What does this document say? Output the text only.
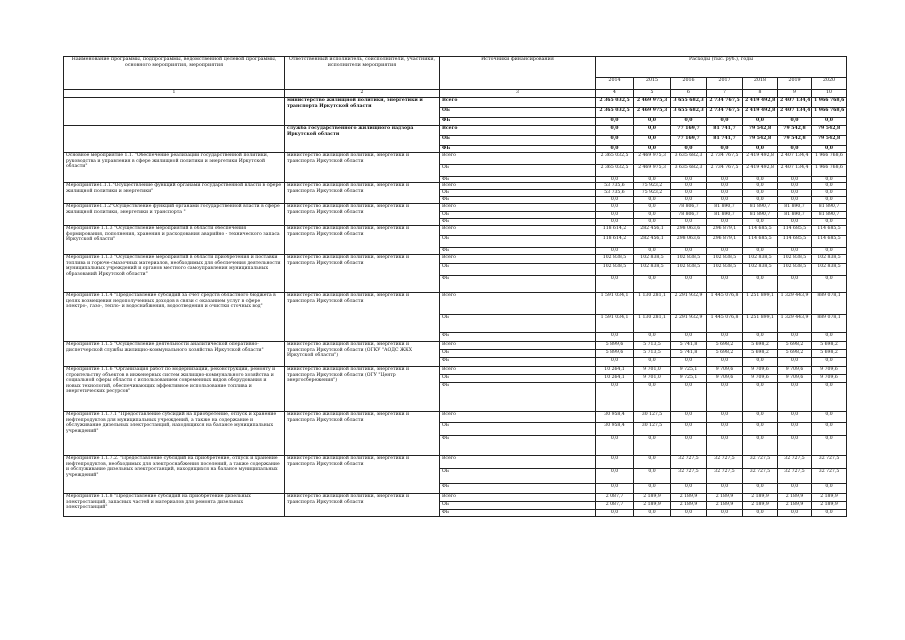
Наименование программы, подпрограммы, ведомственной целевой программы, основного мероприятия, мероприятия	Ответственный исполнитель, соисполнители, участники, исполнители мероприятия	Источники финансирования	Расходы (тыс. руб.), годы						
			2014	2015	2016	2017	2018	2019	2020
1	2	3	4	5	6	7	8	9	10
	министерство жилищной политики, энергетики и транспорта Иркутской области	Всего	2 365 032,5	2 469 975,3	3 655 682,3	2 734 767,5	2 419 492,8	2 407 134,4	1 966 768,6
		ОБ	2 365 032,5	2 469 975,3	3 655 682,3	2 734 767,5	2 419 492,8	2 407 134,4	1 966 768,6
		ФБ	0,0	0,0	0,0	0,0	0,0	0,0	0,0
	служба государственного жилищного надзора Иркутской области	Всего	0,0	0,0	77 169,7	81 741,7	79 542,8	79 542,8	79 542,8
		ОБ	0,0	0,0	77 169,7	81 741,7	79 542,8	79 542,8	79 542,8
		ФБ	0,0	0,0	0,0	0,0	0,0	0,0	0,0
Основное мероприятие 1.1. "Обеспечение реализации государственной политики, руководства и управления в сфере жилищной политики и энергетики Иркутской области"	министерство жилищной политики, энергетики и транспорта Иркутской области	Всего	2 365 032,5	2 469 975,3	3 635 682,3	2 734 767,5	2 419 492,8	2 407 134,4	1 966 768,6
		ОБ	2 365 032,5	2 469 975,3	3 635 682,3	2 734 767,5	2 419 492,8	2 407 134,4	1 966 768,6
		ФБ	0,0	0,0	0,0	0,0	0,0	0,0	0,0
Мероприятие1.1.1."Осуществление функций органами государственной власти в сфере жилищной политики и энергетики"	министерство жилищной политики, энергетики и транспорта Иркутской области	Всего	53 735,6	75 923,2	0,0	0,0	0,0	0,0	0,0
		ОБ	53 735,6	75 923,2	0,0	0,0	0,0	0,0	0,0
		ФБ	0,0	0,0	0,0	0,0	0,0	0,0	0,0
Мероприятие1.1.2"Осуществление функций органами государственной власти в сфере жилищной политики, энергетики и транспорта "	министерство жилищной политики, энергетики и транспорта Иркутской области	Всего	0,0	0,0	78 806,7	81 890,7	81 890,7	81 890,7	81 890,7
		ОБ	0,0	0,0	78 806,7	81 890,7	81 890,7	81 890,7	81 890,7
		ФБ	0,0	0,0	0,0	0,0	0,0	0,0	0,0
Мероприятие 1.1.3 "Осуществление мероприятий в области обеспечения формирования, пополнения, хранения и расходования аварийно - технического запаса Иркутской области"	министерство жилищной политики, энергетики и транспорта Иркутской области	Всего	118 614,2	282 456,1	298 063,6	296 879,1	114 685,5	114 685,5	114 685,5
		ОБ	118 614,2	282 456,1	298 063,6	296 879,1	114 685,5	114 685,5	114 685,5
		ФБ	0,0	0,0	0,0	0,0	0,0	0,0	0,0
Мероприятие 1.1.3 "Осуществление мероприятий в области приобретения и поставки топлива и горюче-смазочных материалов, необходимых для обеспечения деятельности муниципальных учреждений и органов местного самоуправления муниципальных образований Иркутской области"	министерство жилищной политики, энергетики и транспорта Иркутской области	Всего	102 838,5	102 838,5	102 838,5	102 838,5	102 838,5	102 838,5	102 838,5
		ОБ	102 838,5	102 838,5	102 838,5	102 838,5	102 838,5	102 838,5	102 838,5
		ФБ	0,0	0,0	0,0	0,0	0,0	0,0	0,0
Мероприятие 1.1.4 "Предоставление субсидий за счет средств областного бюджета в целях возмещения недополученных доходов в связи с оказанием услуг в сфере электро-, газо-, тепло- и водоснабжения, водоотведения и очистки сточных вод"	министерство жилищной политики, энергетики и транспорта Иркутской области	Всего	1 591 034,1	1 130 281,1	2 291 932,9	1 445 076,8	1 251 899,1	1 329 443,9	889 078,1
		ОБ	1 591 034,1	1 130 281,1	2 291 932,9	1 445 076,8	1 251 899,1	1 329 443,9	889 078,1
		ФБ	0,0	0,0	0,0	0,0	0,0	0,0	0,0
Мероприятие 1.1.5 "Осуществление деятельности аналитической оперативно-диспетчерской службы жилищно-коммунального хозяйства Иркутской области"	министерство жилищной политики, энергетики и транспорта Иркутской области (ОГКУ "АОДС ЖКХ Иркутской области")	Всего	5 899,6	5 713,5	5 741,8	5 698,2	5 698,2	5 698,2	5 698,2
		ОБ	5 899,6	5 713,5	5 741,8	5 698,2	5 698,2	5 698,2	5 698,2
		ФБ	0,0	0,0	0,0	0,0	0,0	0,0	0,0
Мероприятие 1.1.6 "Организация работ по модернизации, реконструкции, ремонту и строительству объектов в инженерных систем жилищно-коммунального хозяйства и социальной сферы области с использованием современных видов оборудования и новых технологий, обеспечивающих эффективное использование топлива и энергетических ресурсов"	министерство жилищной политики, энергетики и транспорта Иркутской области (ОГУ "Центр энергосбережения")	Всего	10 264,1	9 701,0	9 725,1	9 709,6	9 709,6	9 709,6	9 709,6
		ОБ	10 264,1	9 701,0	9 725,1	9 709,6	9 709,6	9 709,6	9 709,6
		ФБ	0,0	0,0	0,0	0,0	0,0	0,0	0,0
Мероприятие 1.1.7.1 "Предоставление субсидий на приобретение, отпуск и хранение нефтепродуктов для муниципальных учреждений, а также на содержание и обслуживание дизельных электростанций, находящихся на балансе муниципальных учреждений"	министерство жилищной политики, энергетики и транспорта Иркутской области	Всего	30 958,4	30 127,5	0,0	0,0	0,0	0,0	0,0
		ОБ	30 958,4	30 127,5	0,0	0,0	0,0	0,0	0,0
		ФБ	0,0	0,0	0,0	0,0	0,0	0,0	0,0
Мероприятие 1.1.7.2. "Предоставление субсидий на приобретение, отпуск и хранение нефтепродуктов, необходимых для электроснабжения поселений, а также содержание и обслуживание дизельных электростанций, находящихся на балансе муниципальных учреждений"	министерство жилищной политики, энергетики и транспорта Иркутской области	Всего	0,0	0,0	32 727,5	32 727,5	32 727,5	32 727,5	32 727,5
		ОБ	0,0	0,0	32 727,5	32 727,5	32 727,5	32 727,5	32 727,5
		ФБ	0,0	0,0	0,0	0,0	0,0	0,0	0,0
Мероприятие 1.1.8 "Предоставление субсидий на приобретение дизельных электростанций, запасных частей и материалов для ремонта дизельных электростанций"	министерство жилищной политики, энергетики и транспорта Иркутской области	Всего	2 087,7	2 189,9	2 189,9	2 189,9	2 189,9	2 189,9	2 189,9
		ОБ	2 087,7	2 189,9	2 189,9	2 189,9	2 189,9	2 189,9	2 189,9
		ФБ	0,0	0,0	0,0	0,0	0,0	0,0	0,0
